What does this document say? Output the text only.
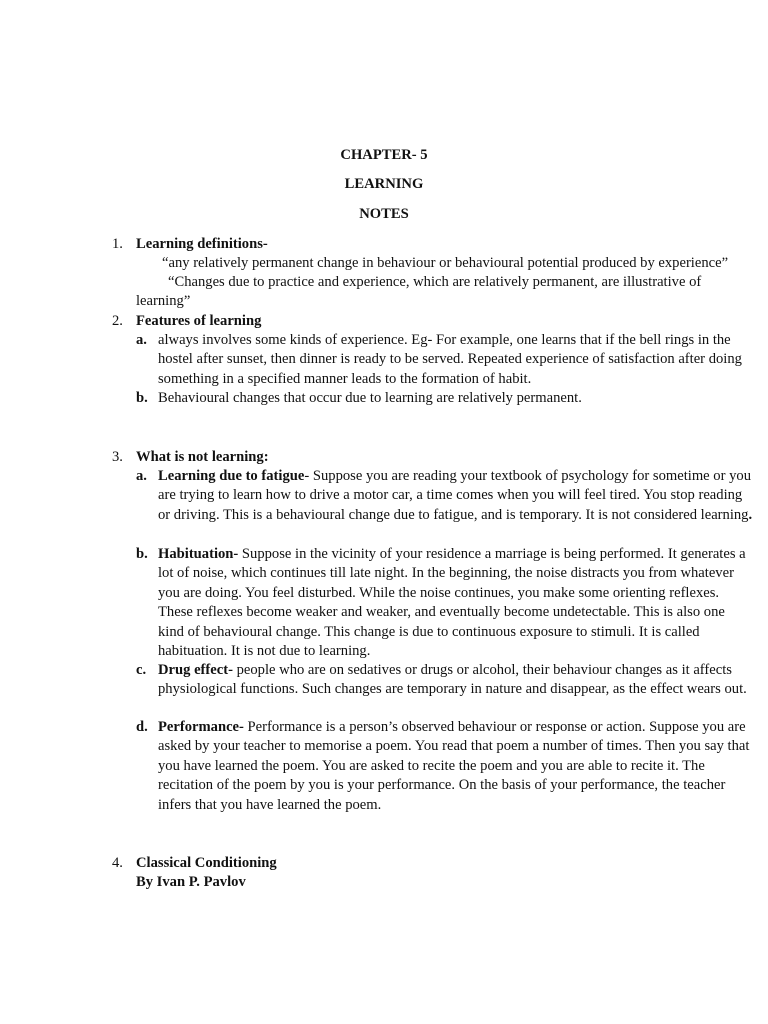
CHAPTER- 5
LEARNING
NOTES
1. Learning definitions-
“any relatively permanent change in behaviour or behavioural potential produced by experience”
“Changes due to practice and experience, which are relatively permanent, are illustrative of learning”
2. Features of learning
a. always involves some kinds of experience. Eg- For example, one learns that if the bell rings in the hostel after sunset, then dinner is ready to be served. Repeated experience of satisfaction after doing something in a specified manner leads to the formation of habit.
b. Behavioural changes that occur due to learning are relatively permanent.
3. What is not learning:
a. Learning due to fatigue- Suppose you are reading your textbook of psychology for sometime or you are trying to learn how to drive a motor car, a time comes when you will feel tired. You stop reading or driving. This is a behavioural change due to fatigue, and is temporary. It is not considered learning.
b. Habituation- Suppose in the vicinity of your residence a marriage is being performed. It generates a lot of noise, which continues till late night. In the beginning, the noise distracts you from whatever you are doing. You feel disturbed. While the noise continues, you make some orienting reflexes. These reflexes become weaker and weaker, and eventually become undetectable. This is also one kind of behavioural change. This change is due to continuous exposure to stimuli. It is called habituation. It is not due to learning.
c. Drug effect- people who are on sedatives or drugs or alcohol, their behaviour changes as it affects physiological functions. Such changes are temporary in nature and disappear, as the effect wears out.
d. Performance- Performance is a person’s observed behaviour or response or action. Suppose you are asked by your teacher to memorise a poem. You read that poem a number of times. Then you say that you have learned the poem. You are asked to recite the poem and you are able to recite it. The recitation of the poem by you is your performance. On the basis of your performance, the teacher infers that you have learned the poem.
4. Classical Conditioning
By Ivan P. Pavlov
